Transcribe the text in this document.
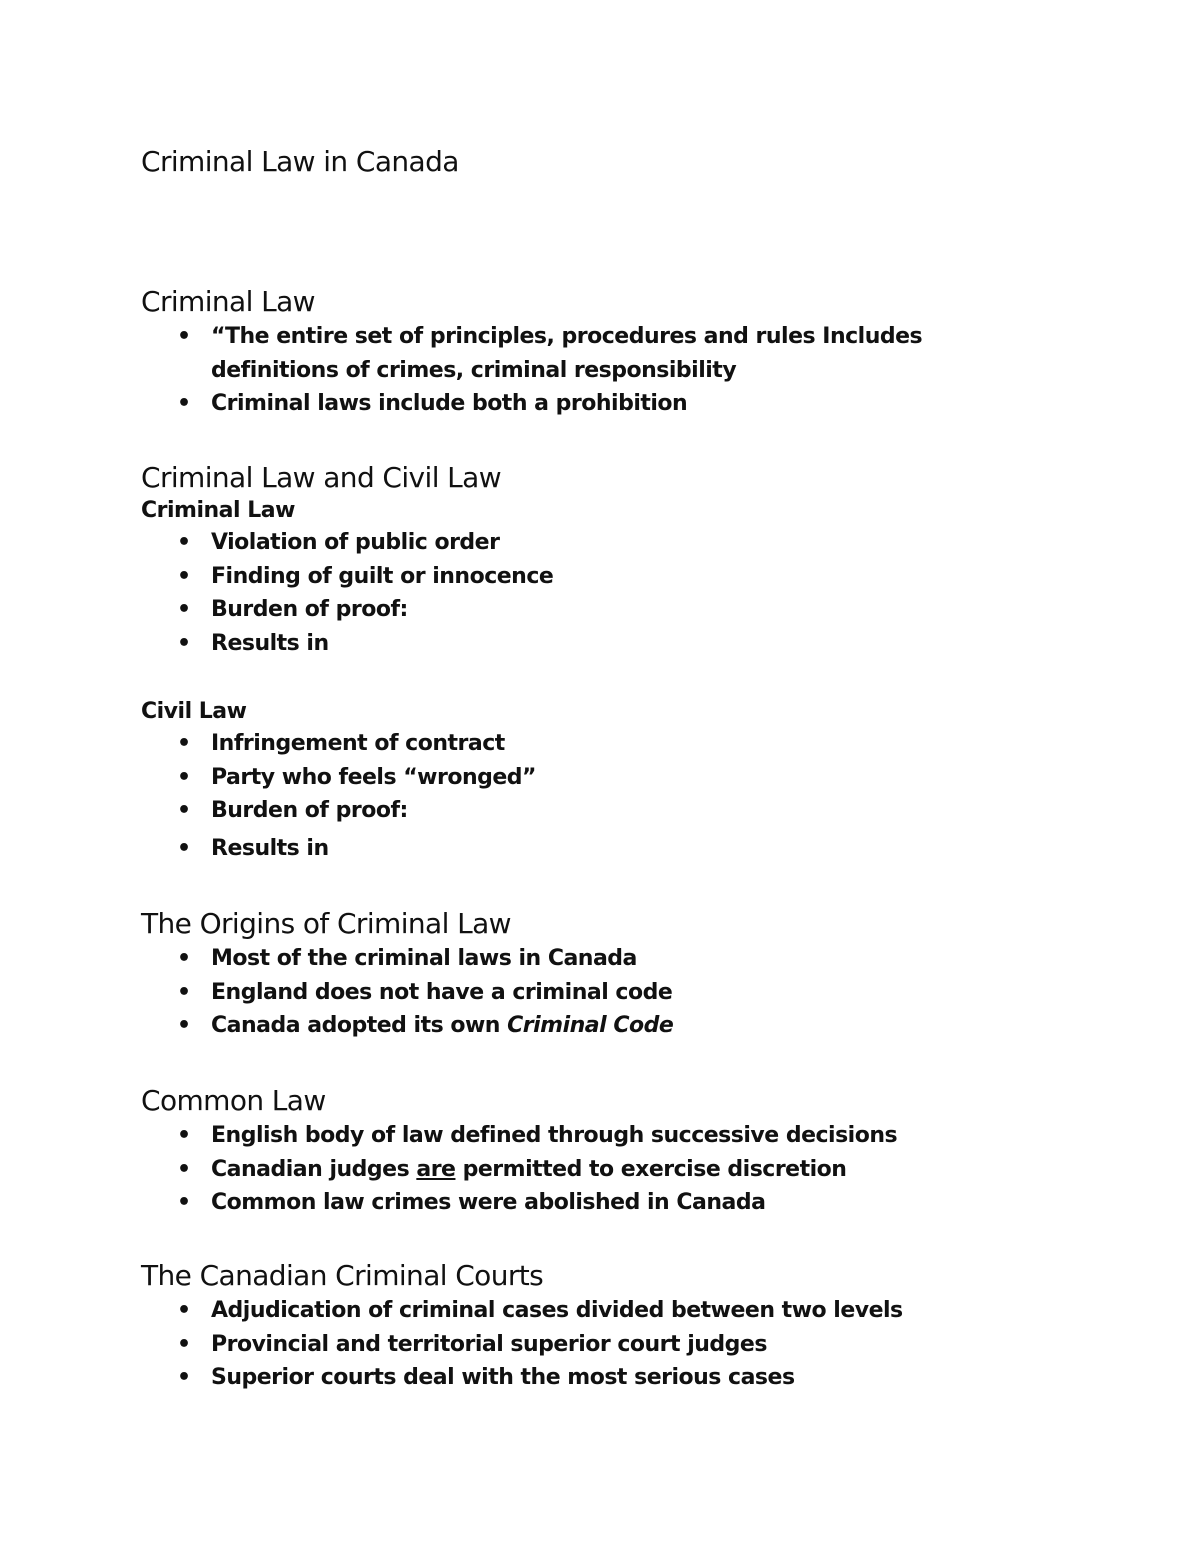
Criminal Law in Canada
Criminal Law
• “The entire set of principles, procedures and rules Includes definitions of crimes, criminal responsibility
• Criminal laws include both a prohibition
Criminal Law and Civil Law
Criminal Law
• Violation of public order
• Finding of guilt or innocence
• Burden of proof:
• Results in
Civil Law
• Infringement of contract
• Party who feels “wronged”
• Burden of proof:
• Results in
The Origins of Criminal Law
• Most of the criminal laws in Canada
• England does not have a criminal code
• Canada adopted its own Criminal Code
Common Law
• English body of law defined through successive decisions
• Canadian judges are permitted to exercise discretion
• Common law crimes were abolished in Canada
The Canadian Criminal Courts
• Adjudication of criminal cases divided between two levels
• Provincial and territorial superior court judges
• Superior courts deal with the most serious cases
